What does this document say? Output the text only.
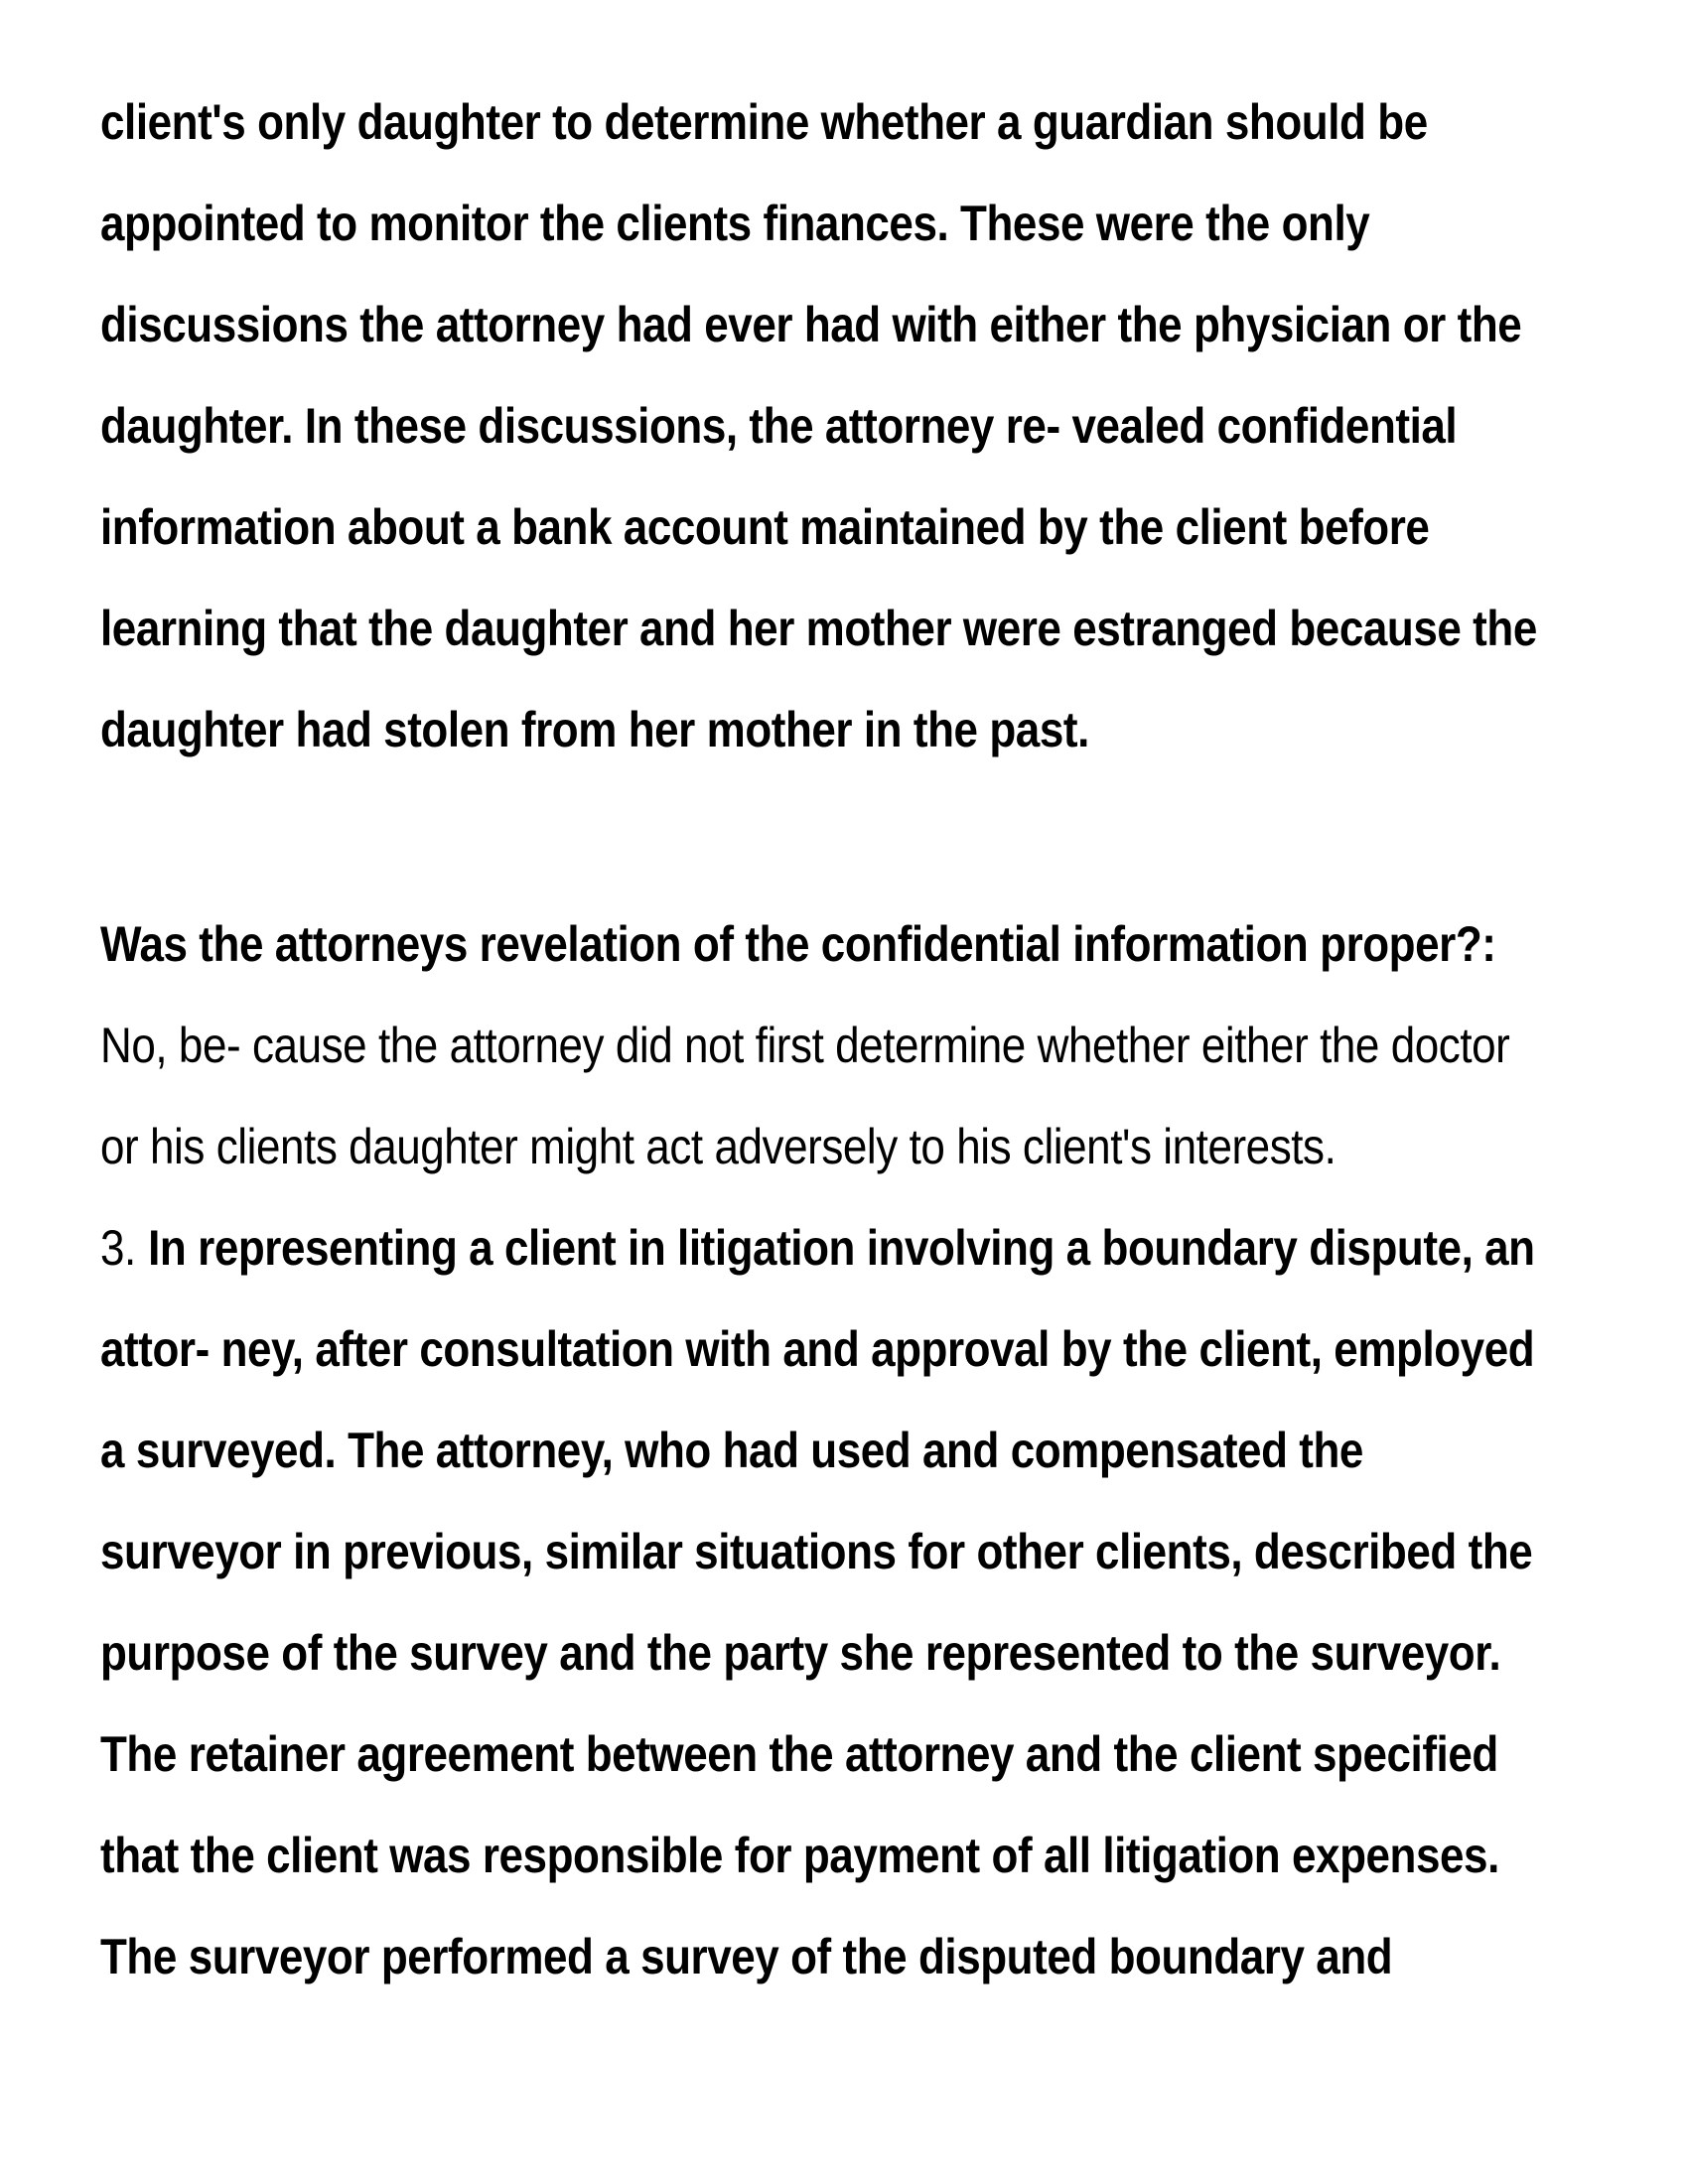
client's only daughter to determine whether a guardian should be
appointed to monitor the clients finances. These were the only
discussions the attorney had ever had with either the physician or the
daughter. In these discussions, the attorney re- vealed confidential
information about a bank account maintained by the client before
learning that the daughter and her mother were estranged because the
daughter had stolen from her mother in the past.
Was the attorneys revelation of the confidential information proper?:
No, be- cause the attorney did not first determine whether either the doctor
or his clients daughter might act adversely to his client's interests.
3. In representing a client in litigation involving a boundary dispute, an
attor- ney, after consultation with and approval by the client, employed
a surveyed. The attorney, who had used and compensated the
surveyor in previous, similar situations for other clients, described the
purpose of the survey and the party she represented to the surveyor.
The retainer agreement between the attorney and the client specified
that the client was responsible for payment of all litigation expenses.
The surveyor performed a survey of the disputed boundary and
